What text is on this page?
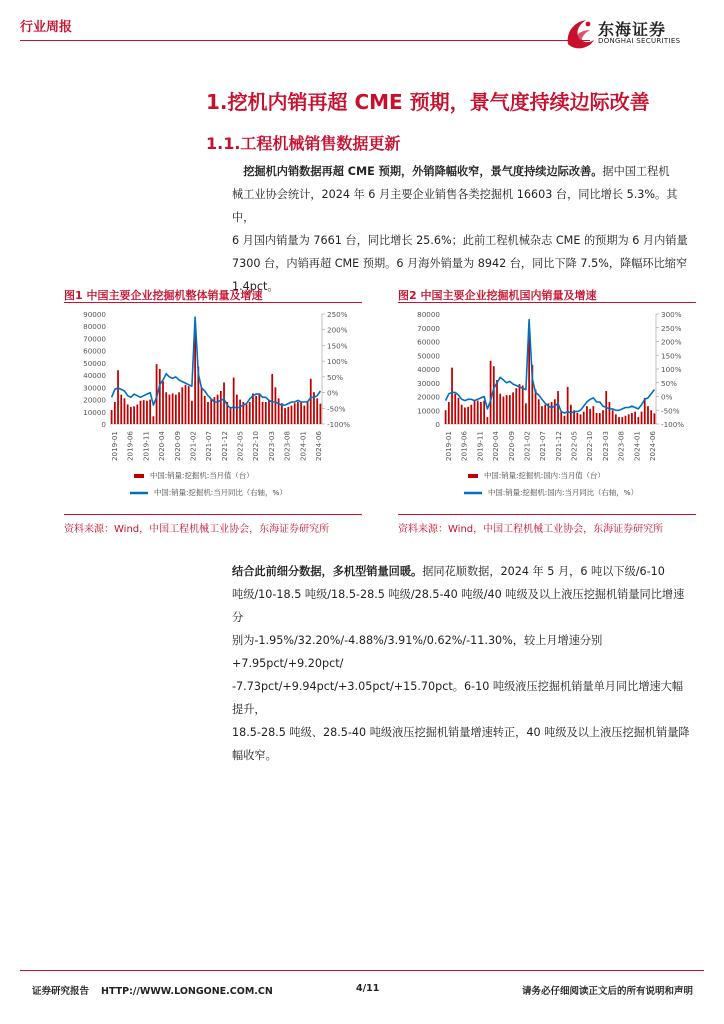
行业周报	东海证券
DONGHAI SECURITIES
1.挖机内销再超 CME 预期，景气度持续边际改善
1.1.工程机械销售数据更新
挖掘机内销数据再超 CME 预期，外销降幅收窄，景气度持续边际改善。据中国工程机
械工业协会统计，2024 年 6 月主要企业销售各类挖掘机 16603 台，同比增长 5.3%。其中，
6 月国内销量为 7661 台，同比增长 25.6%；此前工程机械杂志 CME 的预期为 6 月内销量
7300 台，内销再超 CME 预期。6 月海外销量为 8942 台，同比下降 7.5%，降幅环比缩窄
1.4pct。
图1 中国主要企业挖掘机整体销量及增速
90000
80000
70000
60000
50000
40000
30000
20000
10000
0
250%
200%
150%
100%
50%
0%
-50%
-100%
2019-01 2019-06 2019-11 2020-04 2020-09 2021-02 2021-07 2021-12 2022-05 2022-10 2023-03 2023-08 2024-01 2024-06
中国:销量:挖掘机:当月值（台）
中国:销量:挖掘机:当月同比（右轴，%）
资料来源：Wind，中国工程机械工业协会，东海证券研究所
图2 中国主要企业挖掘机国内销量及增速
80000
70000
60000
50000
40000
30000
20000
10000
0
300%
250%
200%
150%
100%
50%
0%
-50%
-100%
2019-01 2019-06 2019-11 2020-04 2020-09 2021-02 2021-07 2021-12 2022-05 2022-10 2023-03 2023-08 2024-01 2024-06
中国:销量:挖掘机:国内:当月值（台）
中国:销量:挖掘机:国内:当月同比（右轴，%）
资料来源：Wind，中国工程机械工业协会，东海证券研究所
结合此前细分数据，多机型销量回暖。据同花顺数据，2024 年 5 月，6 吨以下级/6-10
吨级/10-18.5 吨级/18.5-28.5 吨级/28.5-40 吨级/40 吨级及以上液压挖掘机销量同比增速分
别为-1.95%/32.20%/-4.88%/3.91%/0.62%/-11.30%，较上月增速分别+7.95pct/+9.20pct/
-7.73pct/+9.94pct/+3.05pct/+15.70pct。6-10 吨级液压挖掘机销量单月同比增速大幅提升，
18.5-28.5 吨级、28.5-40 吨级液压挖掘机销量增速转正，40 吨级及以上液压挖掘机销量降
幅收窄。
证券研究报告 HTTP://WWW.LONGONE.COM.CN	4/11	请务必仔细阅读正文后的所有说明和声明
